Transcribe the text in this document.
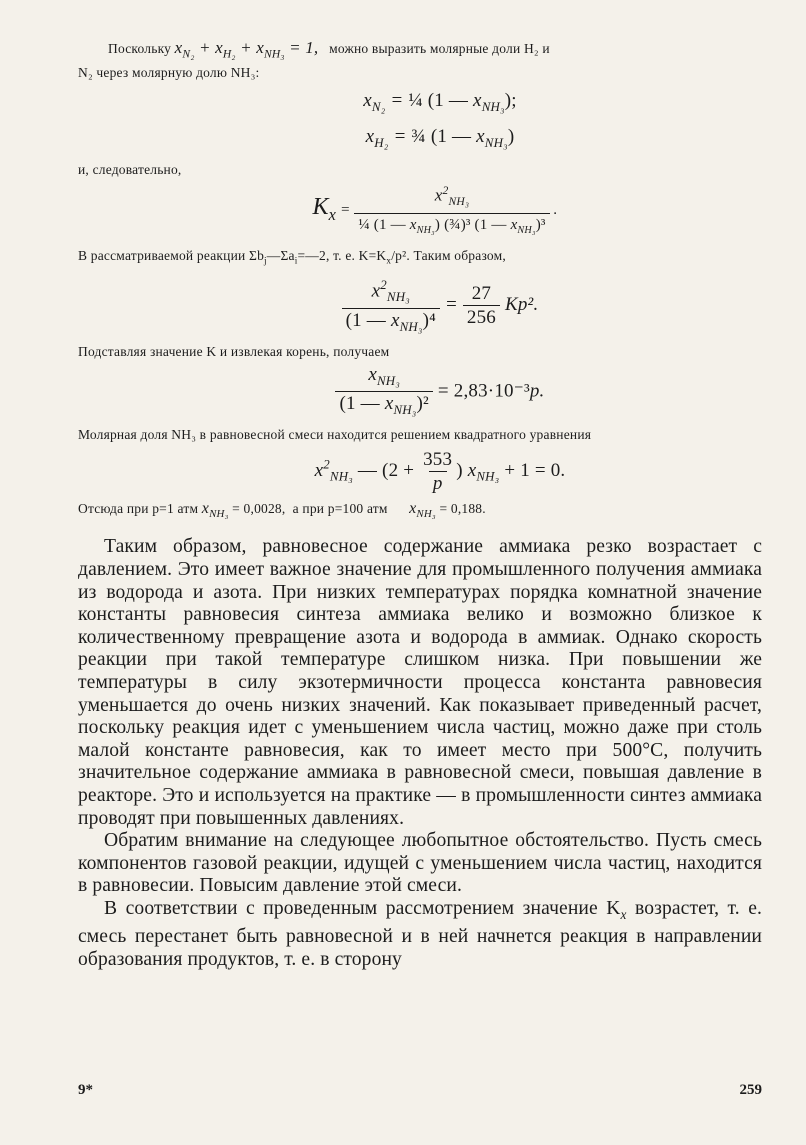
Поскольку $x_{N_2} + x_{H_2} + x_{NH_3} = 1$, можно выразить молярные доли H₂ и

N₂ через молярную долю NH₃:

$x_{N_2}$ = ¼ (1 — $x_{NH_3}$);
$x_{H_2}$ = ¾ (1 — $x_{NH_3}$)

и, следовательно,

$K_x = \frac{x^2_{NH_3}}{\frac{1}{4} (1 — x_{NH_3}) (\frac{3}{4})^3 (1 — x_{NH_3})^3}$ .

В рассматриваемой реакции $\Sigma b_j—\Sigma a_i=—2$, т. е. $K=K_x/p^2$. Таким образом,

$\frac{x^2_{NH_3}}{(1 — x_{NH_3})^4} = \frac{27}{256} Kp^2$.

Подставляя значение K и извлекая корень, получаем

$\frac{x_{NH_3}}{(1 — x_{NH_3})^2} = 2,83\cdot 10^{-3}p$.

Молярная доля NH₃ в равновесной смеси находится решением квадратного уравнения

$x^2_{NH_3}$ — ($2 + \frac{353}{p}$ ) $x_{NH_3} + 1 = 0$.

Отсюда при p=1 атм $x_{NH_3} = 0,0028$, а при p=100 атм $x_{NH_3} = 0,188$.

Таким образом, равновесное содержание аммиака резко возрастает с давлением. Это имеет важное значение для промышленного получения аммиака из водорода и азота. При низких температурах порядка комнатной значение константы равновесия синтеза аммиака велико и возможно близкое к количественному превращение азота и водорода в аммиак. Однако скорость реакции при такой температуре слишком низка. При повышении же температуры в силу экзотермичности процесса константа равновесия уменьшается до очень низких значений. Как показывает приведенный расчет, поскольку реакция идет с уменьшением числа частиц, можно даже при столь малой константе равновесия, как то имеет место при 500°C, получить значительное содержание аммиака в равновесной смеси, повышая давление в реакторе. Это и используется на практике — в промышленности синтез аммиака проводят при повышенных давлениях.

Обратим внимание на следующее любопытное обстоятельство. Пусть смесь компонентов газовой реакции, идущей с уменьшением числа частиц, находится в равновесии. Повысим давление этой смеси.

В соответствии с проведенным рассмотрением значение $K_x$ возрастет, т. е. смесь перестанет быть равновесной и в ней начнется реакция в направлении образования продуктов, т. е. в сторону

9*	259
